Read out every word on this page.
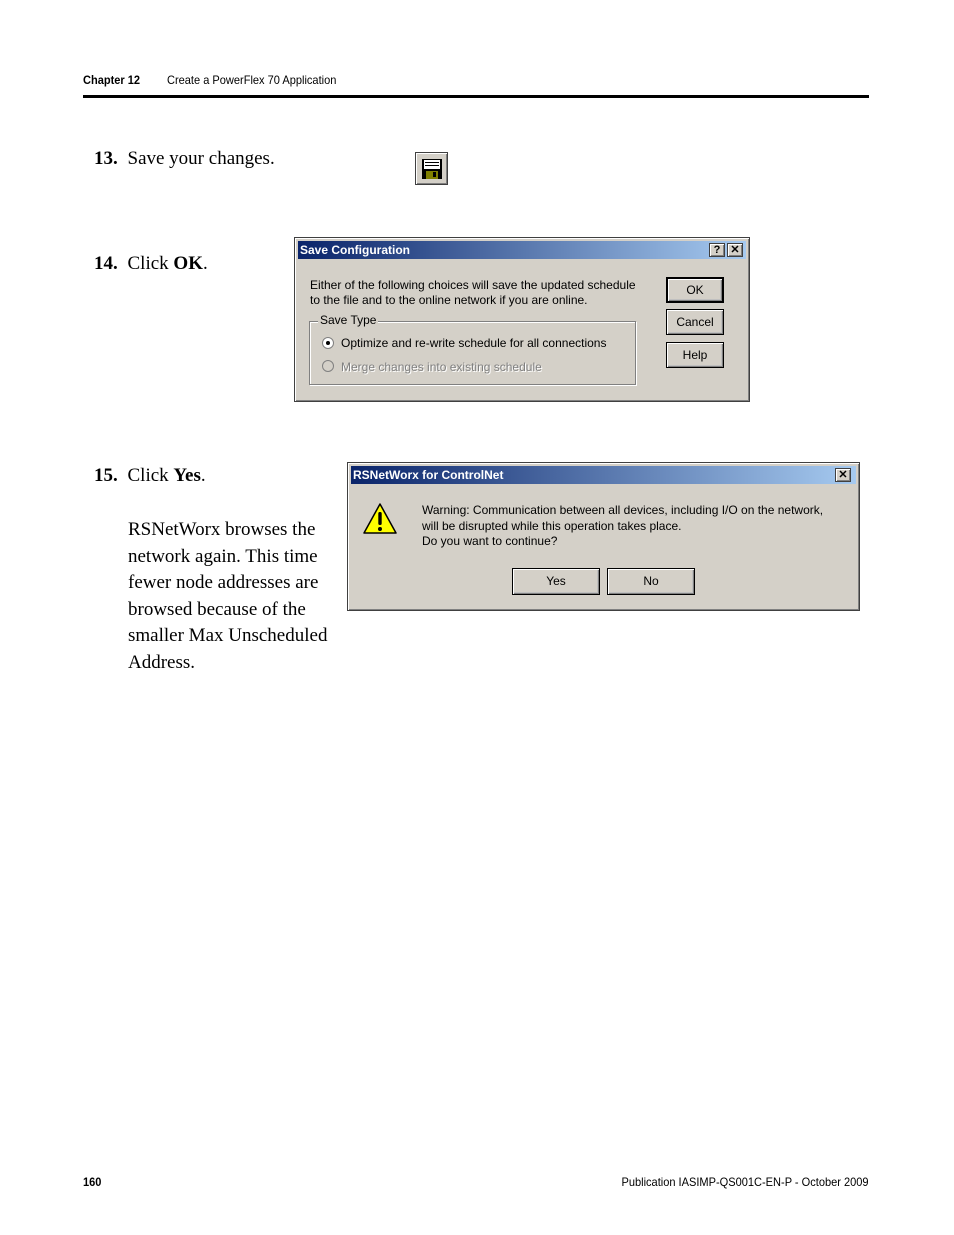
Chapter 12 Create a PowerFlex 70 Application
13. Save your changes.
14. Click OK.
Save Configuration	? ✕
Either of the following choices will save the updated schedule
to the file and to the online network if you are online.
Save Type
Optimize and re-write schedule for all connections
Merge changes into existing schedule
OK
Cancel
Help
15. Click Yes.
RSNetWorx browses the network again. This time fewer node addresses are browsed because of the smaller Max Unscheduled Address.
RSNetWorx for ControlNet	✕
Warning: Communication between all devices, including I/O on the network,
will be disrupted while this operation takes place.
Do you want to continue?
Yes	No
160	Publication IASIMP-QS001C-EN-P - October 2009
